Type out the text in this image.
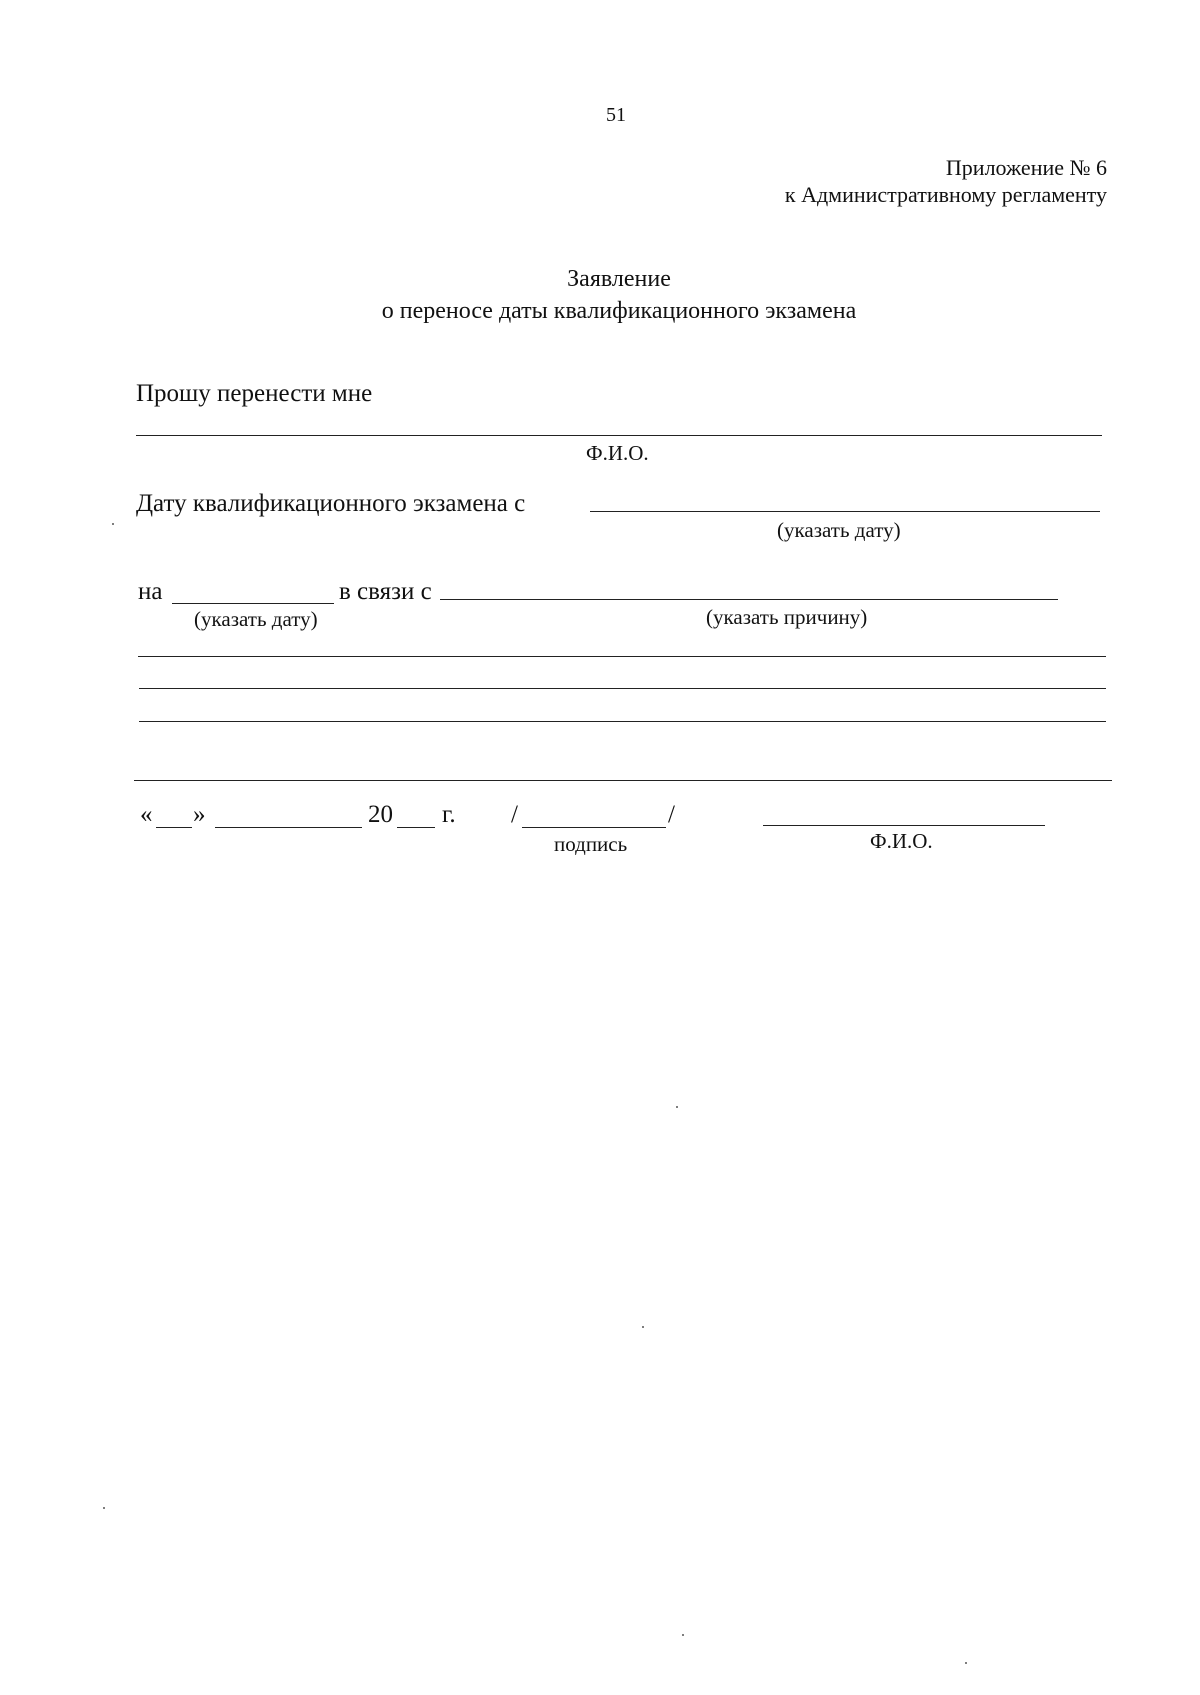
51
Приложение № 6
к Административному регламенту
Заявление
о переносе даты квалификационного экзамена
Прошу перенести мне
Ф.И.О.
Дату квалификационного экзамена с
(указать дату)
на
(указать дату)
в связи с
(указать причину)
« »	20 г. /	/
подпись	Ф.И.О.
